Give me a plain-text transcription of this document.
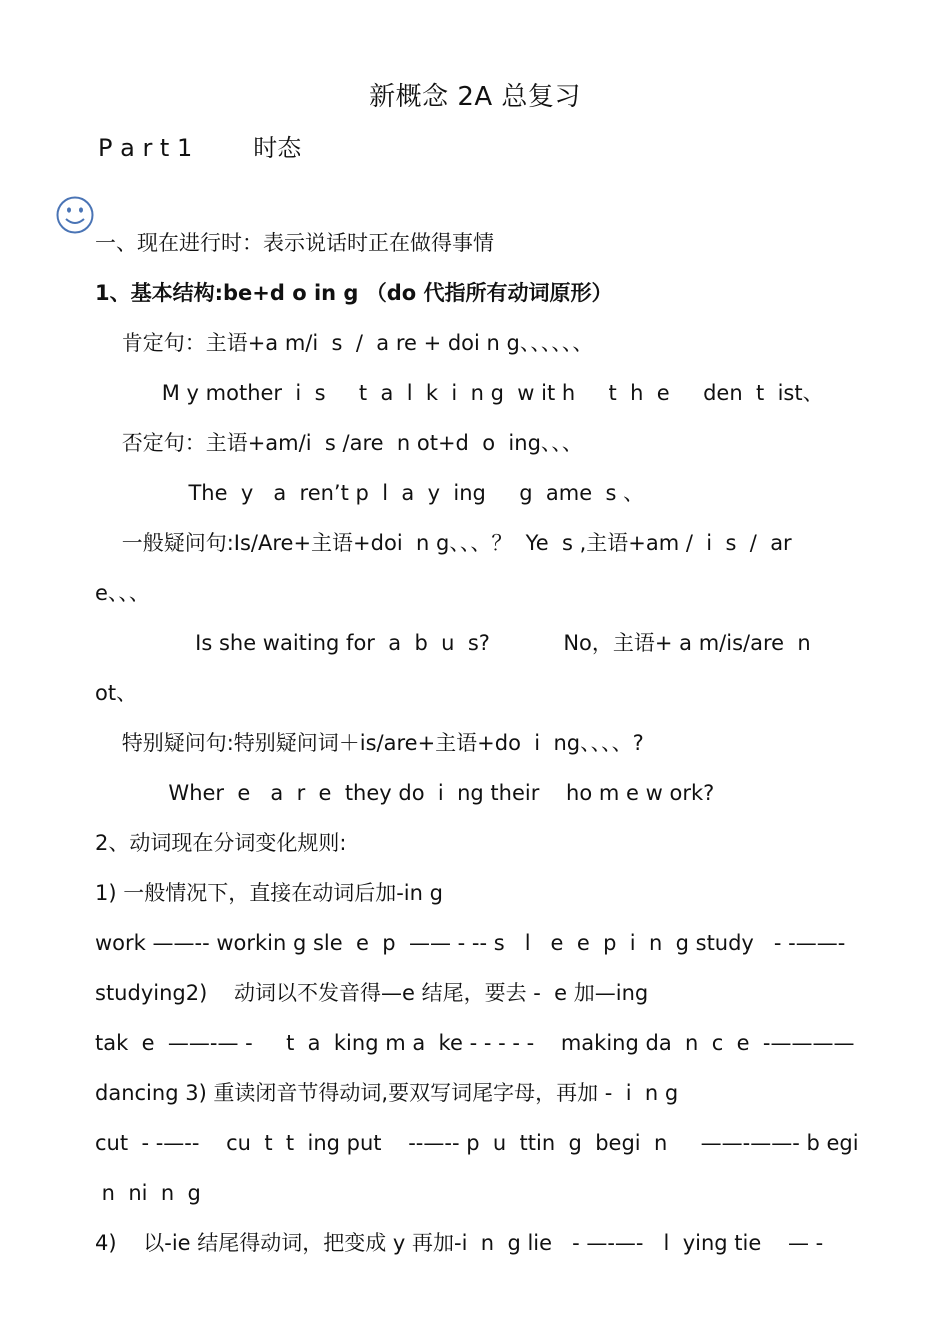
新概念 2A 总复习
P a r t 1        时态
一、现在进行时：表示说话时正在做得事情
1、基本结构:be+d o in g （do 代指所有动词原形）
肯定句：主语+a m/i  s  /  a re + doi n g、、、、、、
M y mother  i  s     t  a  l  k  i  n g  w it h     t  h  e     den  t  ist、
否定句：主语+am/i  s /are  n ot+d  o  ing、、、
The  y   a  ren’t p  l  a  y  ing     g  ame  s 、
一般疑问句:Is/Are+主语+doi  n g、、、？  Ye  s ,主语+am /  i  s  /  ar
e、、、
Is she waiting for  a  b  u  s?           No，主语+ a m/is/are  n
ot、
特别疑问句:特别疑问词＋is/are+主语+do  i  ng、、、、?
Wher  e   a  r  e  they do  i  ng their    ho m e w ork?
2、动词现在分词变化规则:
1) 一般情况下，直接在动词后加-in g
work ——-- workin g sle  e  p  —— - -- s   l   e  e  p  i  n  g study   - -——-
studying2)    动词以不发音得—e 结尾，要去 -  e 加—ing
tak  e  ——-— -     t  a  king m a  ke - - - - -    making da  n  c  e  -————
dancing 3) 重读闭音节得动词,要双写词尾字母，再加 -  i  n g
cut  - -—--    cu  t  t  ing put    --—-- p  u  ttin  g  begi  n     ——-——- b egi
n  ni  n  g
4)    以-ie 结尾得动词，把变成 y 再加-i  n  g lie   - —-—-   l  ying tie    — -
